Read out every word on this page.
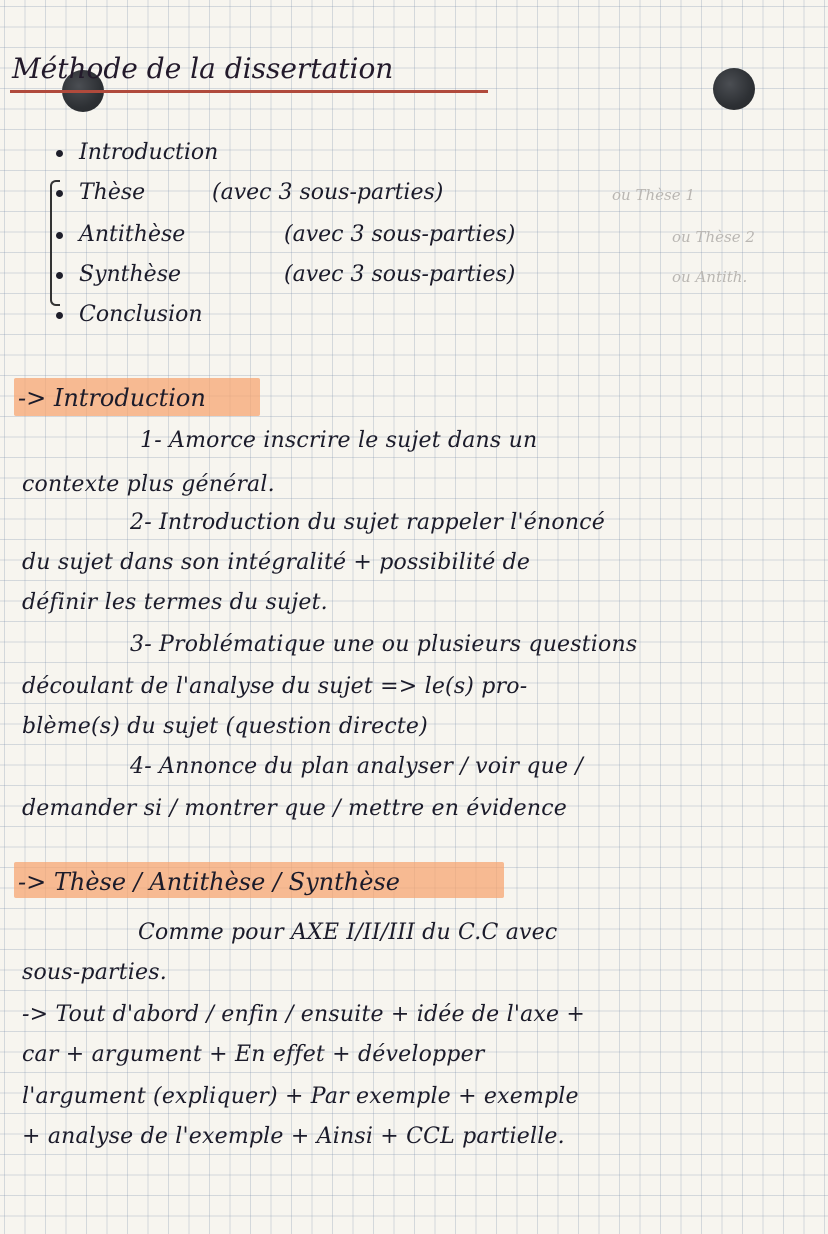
Méthode de la dissertation
Introduction
Thèse	(avec 3 sous-parties)	ou Thèse 1
Antithèse	(avec 3 sous-parties)	ou Thèse 2
Synthèse	(avec 3 sous-parties)	ou Antith.
Conclusion
-> Introduction
1- Amorce inscrire le sujet dans un
contexte plus général.
2- Introduction du sujet rappeler l'énoncé
du sujet dans son intégralité + possibilité de
définir les termes du sujet.
3- Problématique une ou plusieurs questions
découlant de l'analyse du sujet => le(s) pro-
blème(s) du sujet (question directe)
4- Annonce du plan analyser / voir que /
demander si / montrer que / mettre en évidence
-> Thèse / Antithèse / Synthèse
Comme pour AXE I/II/III du C.C avec
sous-parties.
-> Tout d'abord / enfin / ensuite + idée de l'axe +
car + argument + En effet + développer
l'argument (expliquer) + Par exemple + exemple
+ analyse de l'exemple + Ainsi + CCL partielle.
